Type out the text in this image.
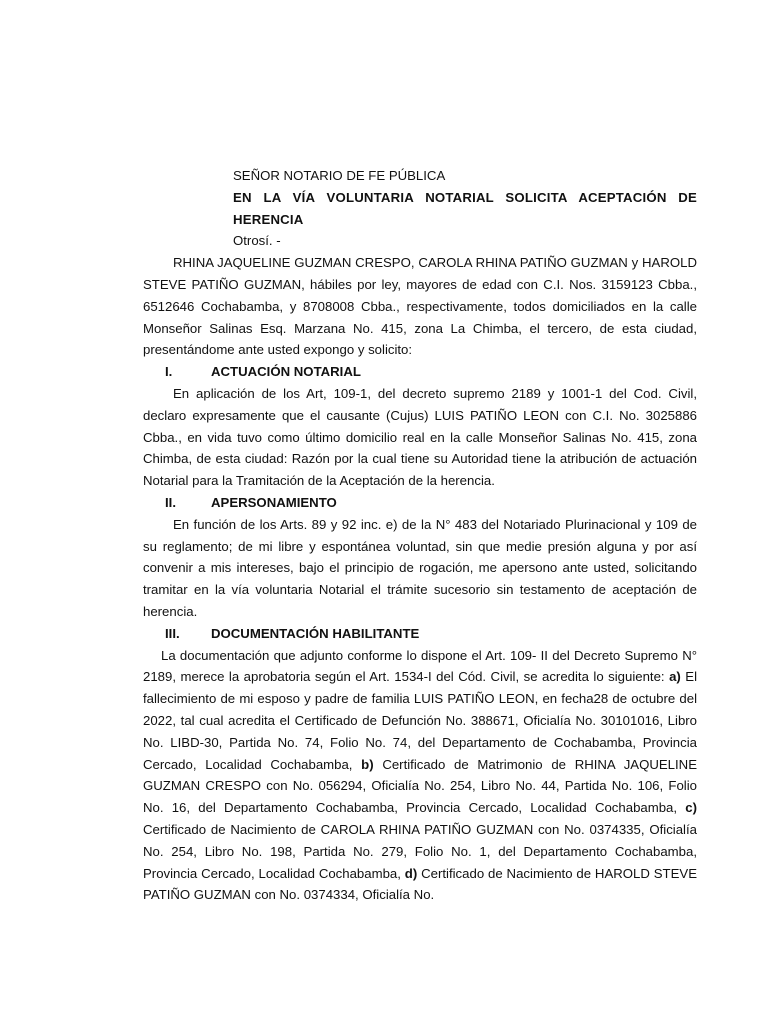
SEÑOR NOTARIO DE FE PÚBLICA

EN LA VÍA VOLUNTARIA NOTARIAL SOLICITA ACEPTACIÓN DE HERENCIA

Otrosí. -

RHINA JAQUELINE GUZMAN CRESPO, CAROLA RHINA PATIÑO GUZMAN y HAROLD STEVE PATIÑO GUZMAN, hábiles por ley, mayores de edad con C.I. Nos. 3159123 Cbba., 6512646 Cochabamba, y 8708008 Cbba., respectivamente, todos domiciliados en la calle Monseñor Salinas Esq. Marzana No. 415, zona La Chimba, el tercero, de esta ciudad, presentándome ante usted expongo y solicito:

I.	ACTUACIÓN NOTARIAL

En aplicación de los Art, 109-1, del decreto supremo 2189 y 1001-1 del Cod. Civil, declaro expresamente que el causante (Cujus) LUIS PATIÑO LEON con C.I. No. 3025886 Cbba., en vida tuvo como último domicilio real en la calle Monseñor Salinas No. 415, zona Chimba, de esta ciudad: Razón por la cual tiene su Autoridad tiene la atribución de actuación Notarial para la Tramitación de la Aceptación de la herencia.

II.	APERSONAMIENTO

En función de los Arts. 89 y 92 inc. e) de la N° 483 del Notariado Plurinacional y 109 de su reglamento; de mi libre y espontánea voluntad, sin que medie presión alguna y por así convenir a mis intereses, bajo el principio de rogación, me apersono ante usted, solicitando tramitar en la vía voluntaria Notarial el trámite sucesorio sin testamento de aceptación de herencia.

III.	DOCUMENTACIÓN HABILITANTE

La documentación que adjunto conforme lo dispone el Art. 109- II del Decreto Supremo N° 2189, merece la aprobatoria según el Art. 1534-I del Cód. Civil, se acredita lo siguiente: a) El fallecimiento de mi esposo y padre de familia LUIS PATIÑO LEON, en fecha28 de octubre del 2022, tal cual acredita el Certificado de Defunción No. 388671, Oficialía No. 30101016, Libro No. LIBD-30, Partida No. 74, Folio No. 74, del Departamento de Cochabamba, Provincia Cercado, Localidad Cochabamba, b) Certificado de Matrimonio de RHINA JAQUELINE GUZMAN CRESPO con No. 056294, Oficialía No. 254, Libro No. 44, Partida No. 106, Folio No. 16, del Departamento Cochabamba, Provincia Cercado, Localidad Cochabamba, c) Certificado de Nacimiento de CAROLA RHINA PATIÑO GUZMAN con No. 0374335, Oficialía No. 254, Libro No. 198, Partida No. 279, Folio No. 1, del Departamento Cochabamba, Provincia Cercado, Localidad Cochabamba, d) Certificado de Nacimiento de HAROLD STEVE PATIÑO GUZMAN con No. 0374334, Oficialía No.
